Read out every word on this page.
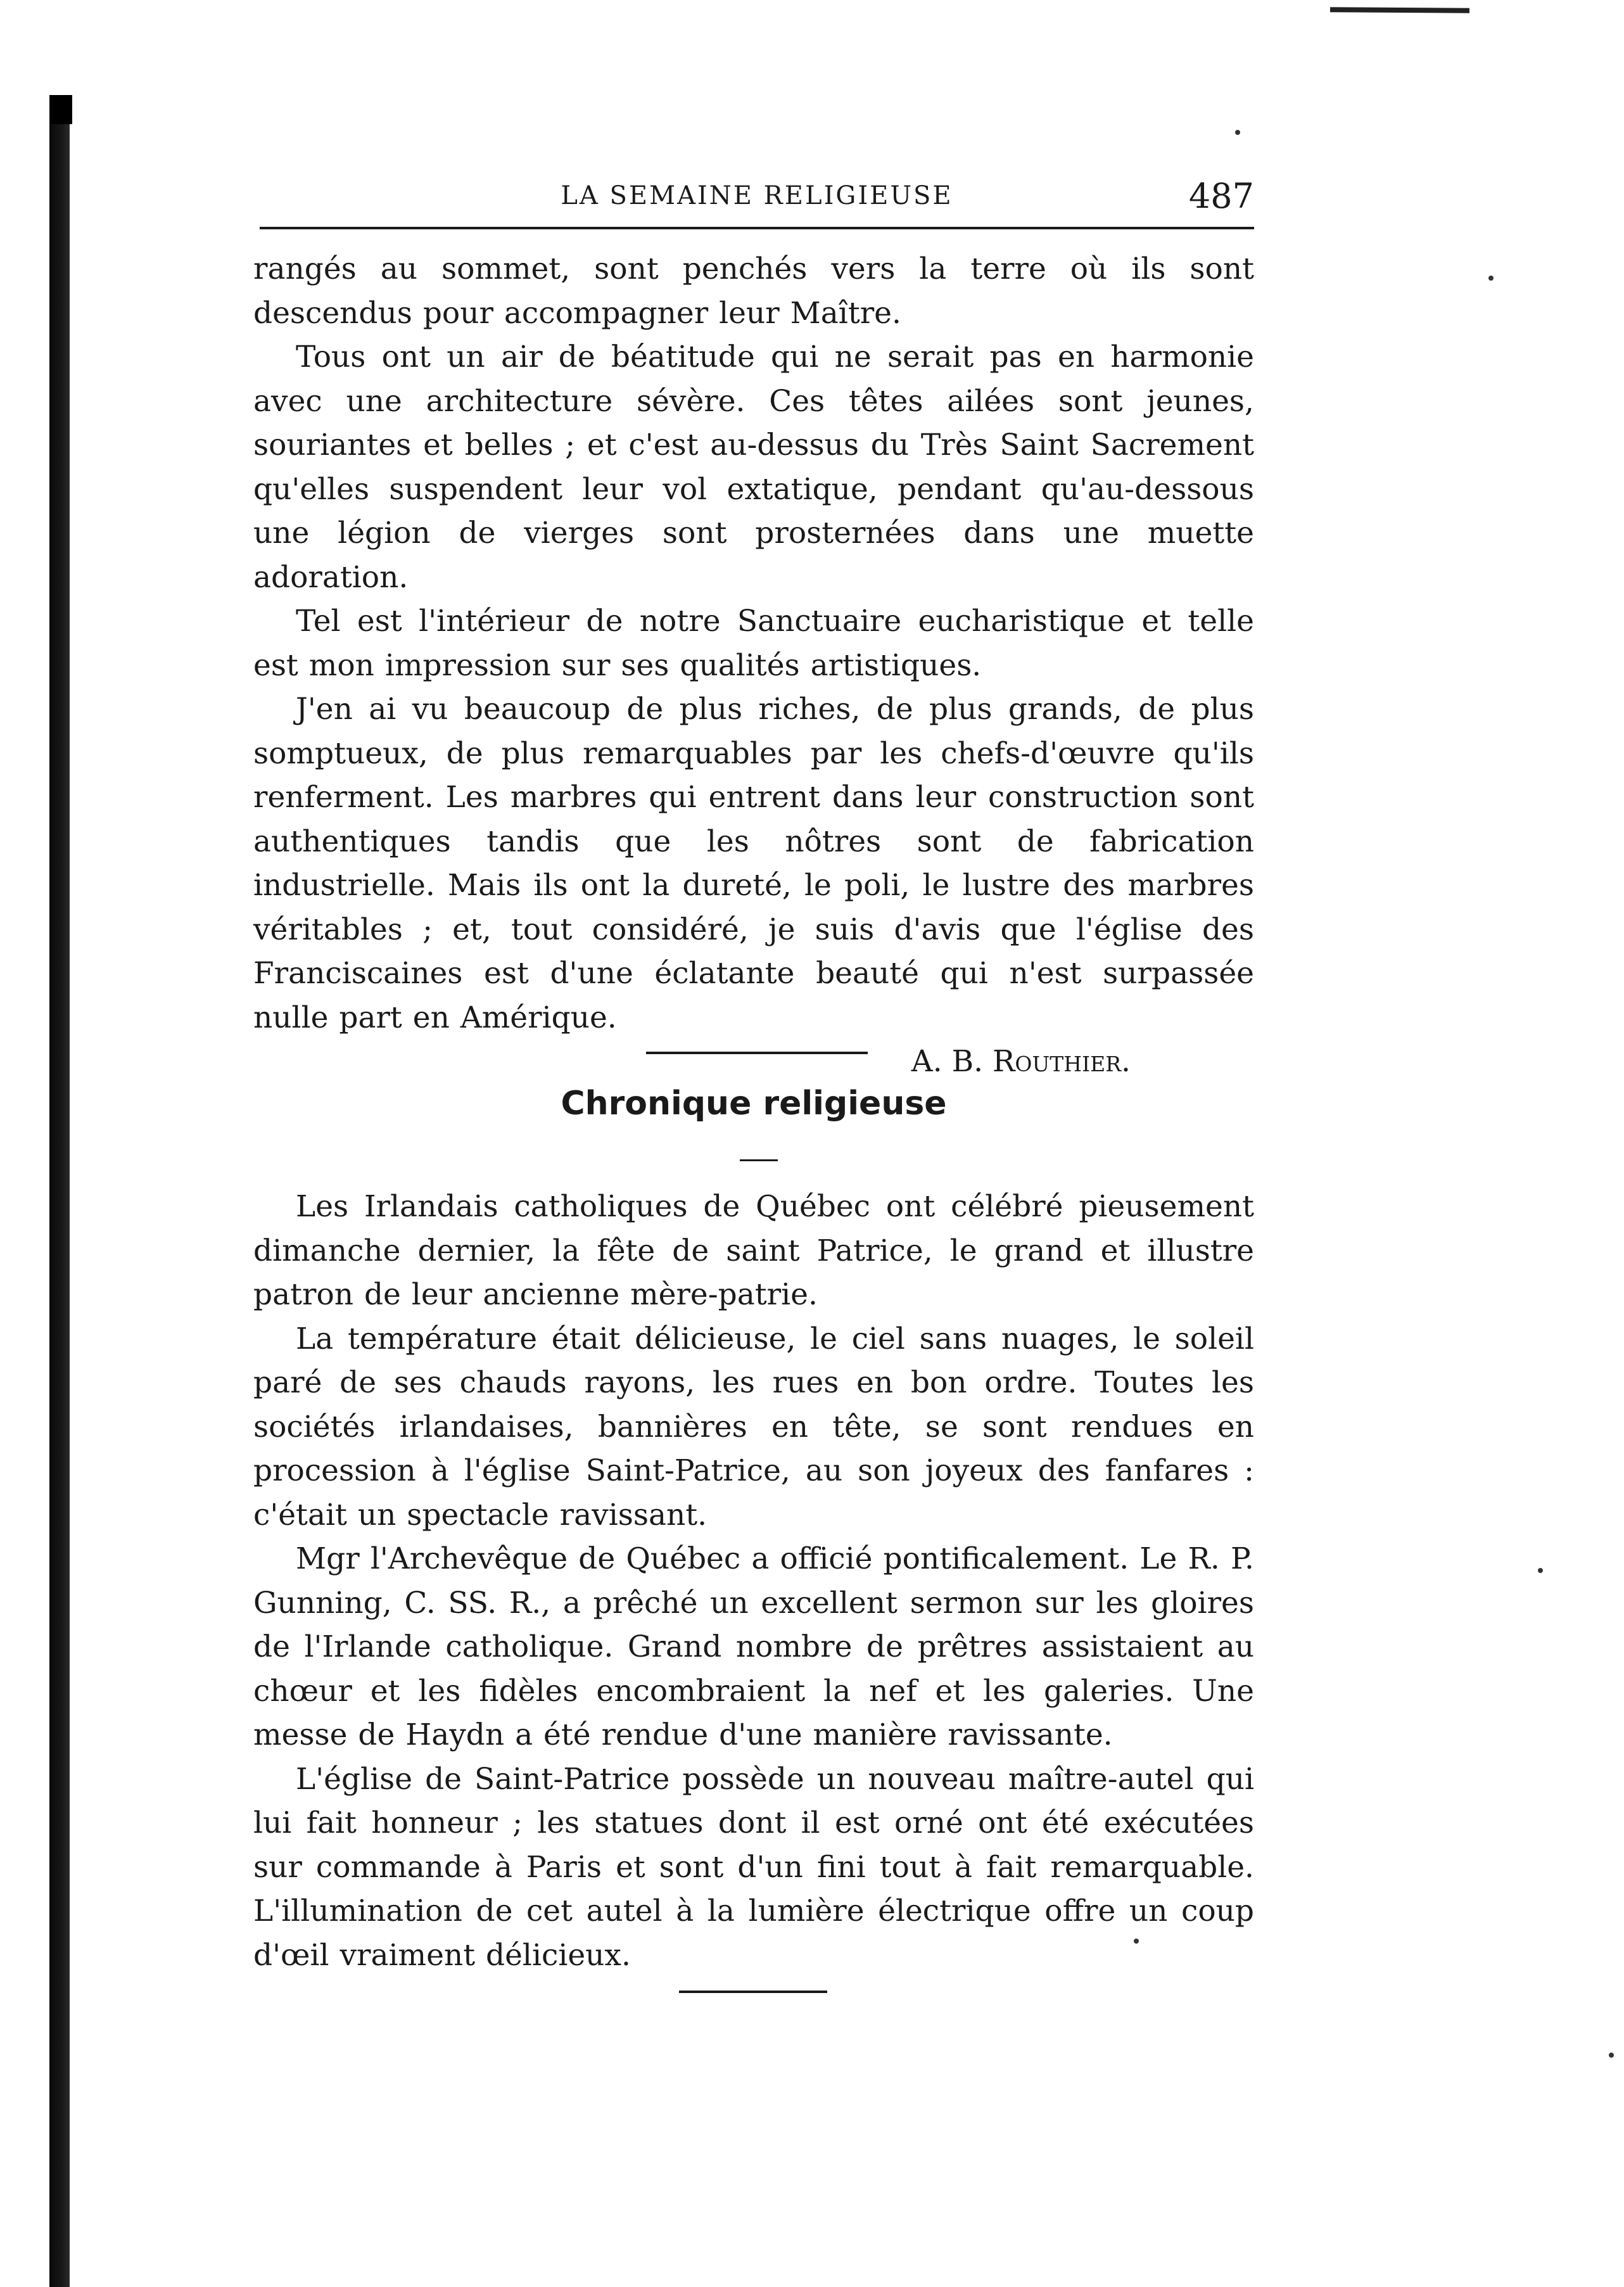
LA SEMAINE RELIGIEUSE	487

rangés au sommet, sont penchés vers la terre où ils sont descendus pour accompagner leur Maître.

Tous ont un air de béatitude qui ne serait pas en harmonie avec une architecture sévère. Ces têtes ailées sont jeunes, souriantes et belles ; et c'est au-dessus du Très Saint Sacrement qu'elles suspendent leur vol extatique, pendant qu'au-dessous une légion de vierges sont prosternées dans une muette adoration.

Tel est l'intérieur de notre Sanctuaire eucharistique et telle est mon impression sur ses qualités artistiques.

J'en ai vu beaucoup de plus riches, de plus grands, de plus somptueux, de plus remarquables par les chefs-d'œuvre qu'ils renferment. Les marbres qui entrent dans leur construction sont authentiques tandis que les nôtres sont de fabrication industrielle. Mais ils ont la dureté, le poli, le lustre des marbres véritables ; et, tout considéré, je suis d'avis que l'église des Franciscaines est d'une éclatante beauté qui n'est surpassée nulle part en Amérique.

A. B. Routhier.

Chronique religieuse

Les Irlandais catholiques de Québec ont célébré pieusement dimanche dernier, la fête de saint Patrice, le grand et illustre patron de leur ancienne mère-patrie.

La température était délicieuse, le ciel sans nuages, le soleil paré de ses chauds rayons, les rues en bon ordre. Toutes les sociétés irlandaises, bannières en tête, se sont rendues en procession à l'église Saint-Patrice, au son joyeux des fanfares : c'était un spectacle ravissant.

Mgr l'Archevêque de Québec a officié pontificalement. Le R. P. Gunning, C. SS. R., a prêché un excellent sermon sur les gloires de l'Irlande catholique. Grand nombre de prêtres assistaient au chœur et les fidèles encombraient la nef et les galeries. Une messe de Haydn a été rendue d'une manière ravissante.

L'église de Saint-Patrice possède un nouveau maître-autel qui lui fait honneur ; les statues dont il est orné ont été exécutées sur commande à Paris et sont d'un fini tout à fait remarquable. L'illumination de cet autel à la lumière électrique offre un coup d'œil vraiment délicieux.
